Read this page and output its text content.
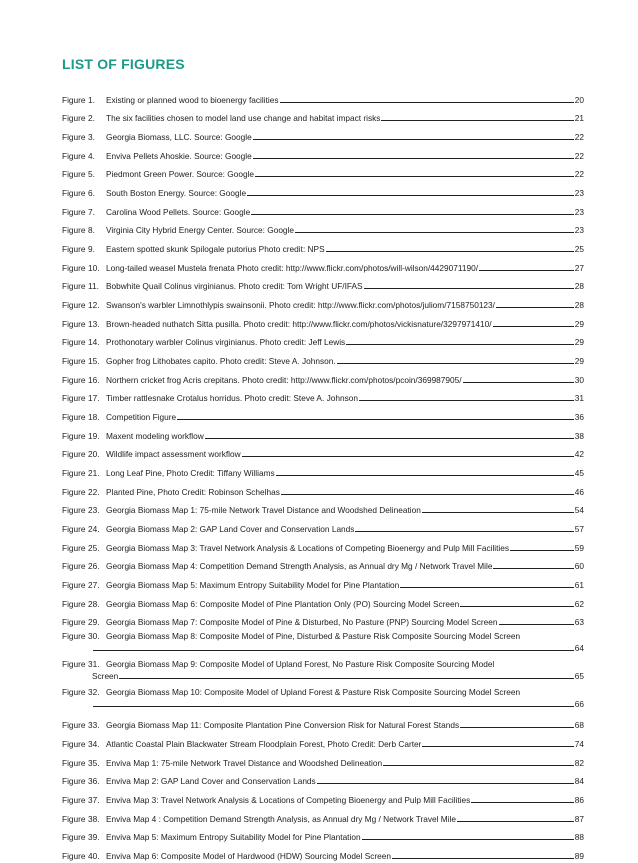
LIST OF FIGURES
Figure 1.	Existing or planned wood to bioenergy facilities	20
Figure 2.	The six facilities chosen to model land use change and habitat impact risks	21
Figure 3.	Georgia Biomass, LLC. Source: Google	22
Figure 4.	Enviva Pellets Ahoskie. Source: Google	22
Figure 5.	Piedmont Green Power. Source: Google	22
Figure 6.	South Boston Energy. Source: Google	23
Figure 7.	Carolina Wood Pellets. Source: Google	23
Figure 8.	Virginia City Hybrid Energy Center. Source: Google	23
Figure 9.	Eastern spotted skunk Spilogale putorius Photo credit: NPS	25
Figure 10. Long-tailed weasel Mustela frenata Photo credit: http://www.flickr.com/photos/will-wilson/4429071190/	27
Figure 11. Bobwhite Quail Colinus virginianus. Photo credit: Tom Wright UF/IFAS	28
Figure 12. Swanson's warbler Limnothlypis swainsonii. Photo credit: http://www.flickr.com/photos/juliom/7158750123/	28
Figure 13. Brown-headed nuthatch Sitta pusilla. Photo credit: http://www.flickr.com/photos/vickisnature/3297971410/	29
Figure 14. Prothonotary warbler Colinus virginianus. Photo credit: Jeff Lewis	29
Figure 15. Gopher frog Lithobates capito. Photo credit: Steve A. Johnson.	29
Figure 16. Northern cricket frog Acris crepitans. Photo credit: http://www.flickr.com/photos/pcoin/369987905/	30
Figure 17. Timber rattlesnake Crotalus horridus. Photo credit: Steve A. Johnson	31
Figure 18. Competition Figure	36
Figure 19. Maxent modeling workflow	38
Figure 20. Wildlife impact assessment workflow	42
Figure 21. Long Leaf Pine, Photo Credit: Tiffany Williams	45
Figure 22. Planted Pine, Photo Credit: Robinson Schelhas	46
Figure 23. Georgia Biomass Map 1: 75-mile Network Travel Distance and Woodshed Delineation	54
Figure 24. Georgia Biomass Map 2: GAP Land Cover and Conservation Lands	57
Figure 25. Georgia Biomass Map 3: Travel Network Analysis & Locations of Competing Bioenergy and Pulp Mill Facilities	59
Figure 26. Georgia Biomass Map 4: Competition Demand Strength Analysis, as Annual dry Mg / Network Travel Mile	60
Figure 27. Georgia Biomass Map 5: Maximum Entropy Suitability Model for Pine Plantation	61
Figure 28. Georgia Biomass Map 6: Composite Model of Pine Plantation Only (PO) Sourcing Model Screen	62
Figure 29. Georgia Biomass Map 7: Composite Model of Pine & Disturbed, No Pasture (PNP) Sourcing Model Screen	63
Figure 30. Georgia Biomass Map 8: Composite Model of Pine, Disturbed & Pasture Risk Composite Sourcing Model Screen
64
Figure 31. Georgia Biomass Map 9: Composite Model of Upland Forest, No Pasture Risk Composite Sourcing Model
Screen	65
Figure 32. Georgia Biomass Map 10: Composite Model of Upland Forest & Pasture Risk Composite Sourcing Model Screen
66
Figure 33. Georgia Biomass Map 11: Composite Plantation Pine Conversion Risk for Natural Forest Stands	68
Figure 34. Atlantic Coastal Plain Blackwater Stream Floodplain Forest, Photo Credit: Derb Carter	74
Figure 35. Enviva Map 1: 75-mile Network Travel Distance and Woodshed Delineation	82
Figure 36. Enviva Map 2: GAP Land Cover and Conservation Lands	84
Figure 37. Enviva Map 3: Travel Network Analysis & Locations of Competing Bioenergy and Pulp Mill Facilities	86
Figure 38. Enviva Map 4 : Competition Demand Strength Analysis, as Annual dry Mg / Network Travel Mile	87
Figure 39. Enviva Map 5: Maximum Entropy Suitability Model for Pine Plantation	88
Figure 40. Enviva Map 6: Composite Model of Hardwood (HDW) Sourcing Model Screen	89
